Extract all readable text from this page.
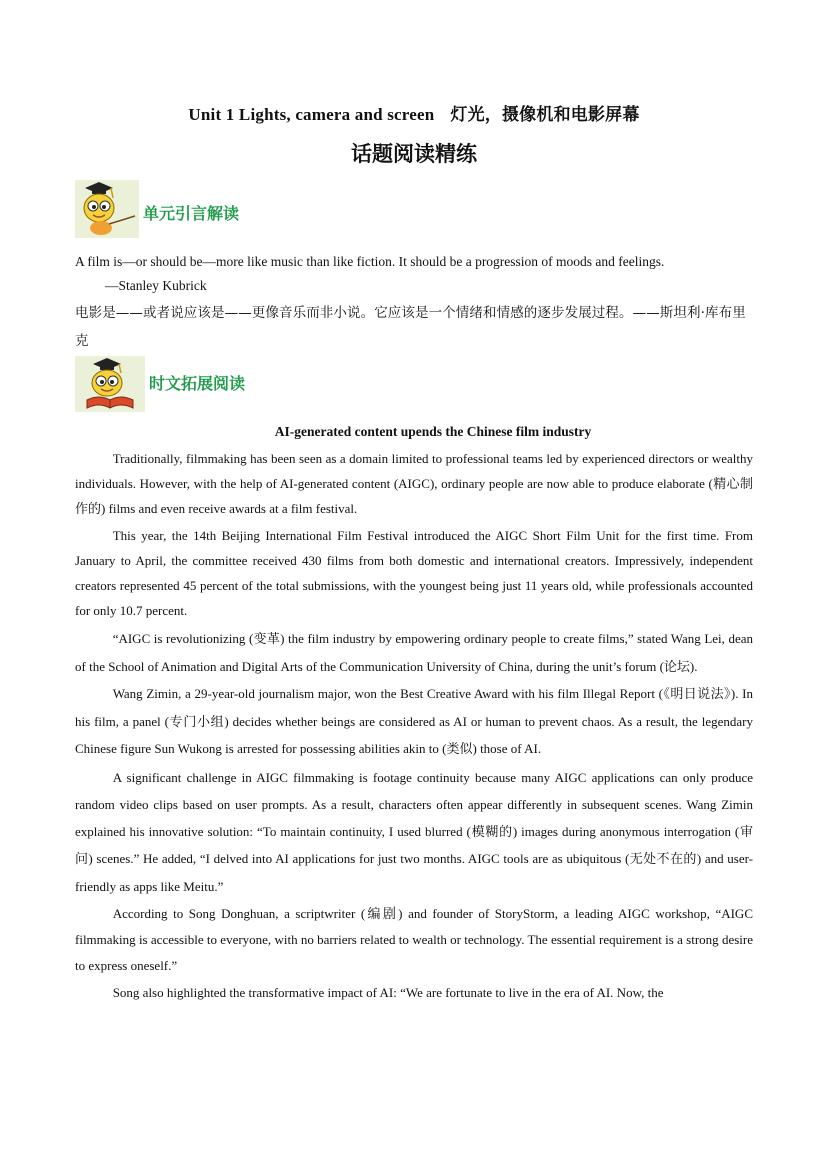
Unit 1 Lights, camera and screen 灯光，摄像机和电影屏幕
话题阅读精练
单元引言解读
A film is—or should be—more like music than like fiction. It should be a progression of moods and feelings.
—Stanley Kubrick
电影是——或者说应该是——更像音乐而非小说。它应该是一个情绪和情感的逐步发展过程。——斯坦利·库布里克
时文拓展阅读
AI-generated content upends the Chinese film industry

Traditionally, filmmaking has been seen as a domain limited to professional teams led by experienced directors or wealthy individuals. However, with the help of AI-generated content (AIGC), ordinary people are now able to produce elaborate (精心制作的) films and even receive awards at a film festival.

This year, the 14th Beijing International Film Festival introduced the AIGC Short Film Unit for the first time. From January to April, the committee received 430 films from both domestic and international creators. Impressively, independent creators represented 45 percent of the total submissions, with the youngest being just 11 years old, while professionals accounted for only 10.7 percent.

“AIGC is revolutionizing (变革) the film industry by empowering ordinary people to create films,” stated Wang Lei, dean of the School of Animation and Digital Arts of the Communication University of China, during the unit’s forum (论坛).

Wang Zimin, a 29-year-old journalism major, won the Best Creative Award with his film Illegal Report (《明日说法》). In his film, a panel (专门小组) decides whether beings are considered as AI or human to prevent chaos. As a result, the legendary Chinese figure Sun Wukong is arrested for possessing abilities akin to (类似) those of AI.

A significant challenge in AIGC filmmaking is footage continuity because many AIGC applications can only produce random video clips based on user prompts. As a result, characters often appear differently in subsequent scenes. Wang Zimin explained his innovative solution: “To maintain continuity, I used blurred (模糊的) images during anonymous interrogation (审问) scenes.” He added, “I delved into AI applications for just two months. AIGC tools are as ubiquitous (无处不在的) and user-friendly as apps like Meitu.”

According to Song Donghuan, a scriptwriter (编剧) and founder of StoryStorm, a leading AIGC workshop, “AIGC filmmaking is accessible to everyone, with no barriers related to wealth or technology. The essential requirement is a strong desire to express oneself.”

Song also highlighted the transformative impact of AI: “We are fortunate to live in the era of AI. Now, the
